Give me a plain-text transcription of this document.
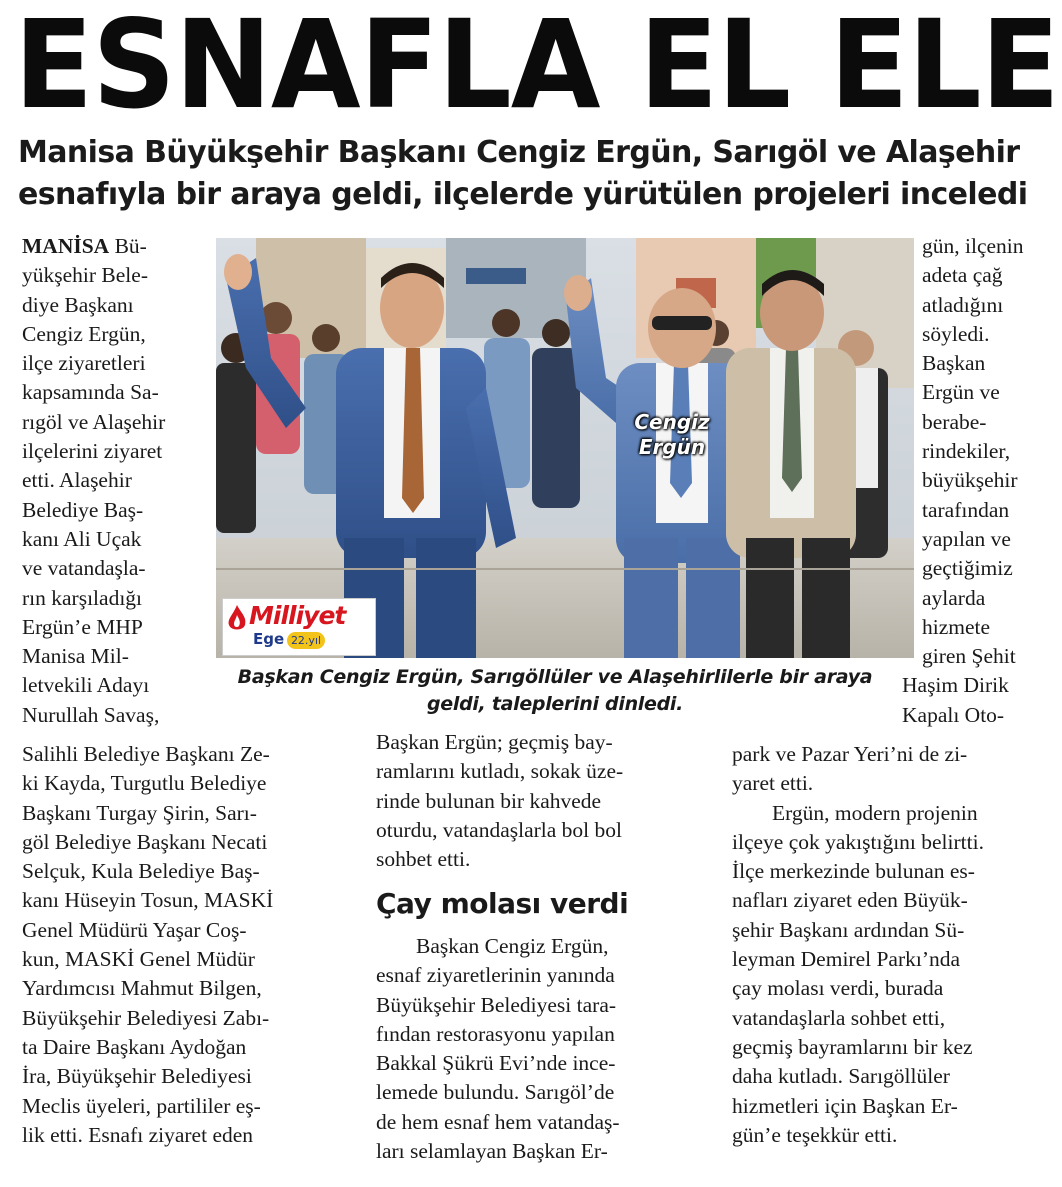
ESNAFLA EL ELE
Manisa Büyükşehir Başkanı Cengiz Ergün, Sarıgöl ve Alaşehir
esnafıyla bir araya geldi, ilçelerde yürütülen projeleri inceledi
MANİSA Bü-
yükşehir Bele-
diye Başkanı
Cengiz Ergün,
ilçe ziyaretleri
kapsamında Sa-
rıgöl ve Alaşehir
ilçelerini ziyaret
etti. Alaşehir
Belediye Baş-
kanı Ali Uçak
ve vatandaşla-
rın karşıladığı
Ergün’e MHP
Manisa Mil-
letvekili Adayı
Nurullah Savaş,
Salihli Belediye Başkanı Ze-
ki Kayda, Turgutlu Belediye
Başkanı Turgay Şirin, Sarı-
göl Belediye Başkanı Necati
Selçuk, Kula Belediye Baş-
kanı Hüseyin Tosun, MASKİ
Genel Müdürü Yaşar Coş-
kun, MASKİ Genel Müdür
Yardımcısı Mahmut Bilgen,
Büyükşehir Belediyesi Zabı-
ta Daire Başkanı Aydoğan
İra, Büyükşehir Belediyesi
Meclis üyeleri, partililer eş-
lik etti. Esnafı ziyaret eden
Cengiz
Ergün
Milliyet
Ege 22.yıl
gün, ilçenin
adeta çağ
atladığını
söyledi.
Başkan
Ergün ve
berabe-
rindekiler,
büyükşehir
tarafından
yapılan ve
geçtiğimiz
aylarda
hizmete
giren Şehit
Haşim Dirik
Kapalı Oto-
Başkan Cengiz Ergün, Sarıgöllüler ve Alaşehirlilerle bir araya
geldi, taleplerini dinledi.
Başkan Ergün; geçmiş bay-
ramlarını kutladı, sokak üze-
rinde bulunan bir kahvede
oturdu, vatandaşlarla bol bol
sohbet etti.
Çay molası verdi
Başkan Cengiz Ergün,
esnaf ziyaretlerinin yanında
Büyükşehir Belediyesi tara-
fından restorasyonu yapılan
Bakkal Şükrü Evi’nde ince-
lemede bulundu. Sarıgöl’de
de hem esnaf hem vatandaş-
ları selamlayan Başkan Er-
park ve Pazar Yeri’ni de zi-
yaret etti.
Ergün, modern projenin
ilçeye çok yakıştığını belirtti.
İlçe merkezinde bulunan es-
nafları ziyaret eden Büyük-
şehir Başkanı ardından Sü-
leyman Demirel Parkı’nda
çay molası verdi, burada
vatandaşlarla sohbet etti,
geçmiş bayramlarını bir kez
daha kutladı. Sarıgöllüler
hizmetleri için Başkan Er-
gün’e teşekkür etti.
